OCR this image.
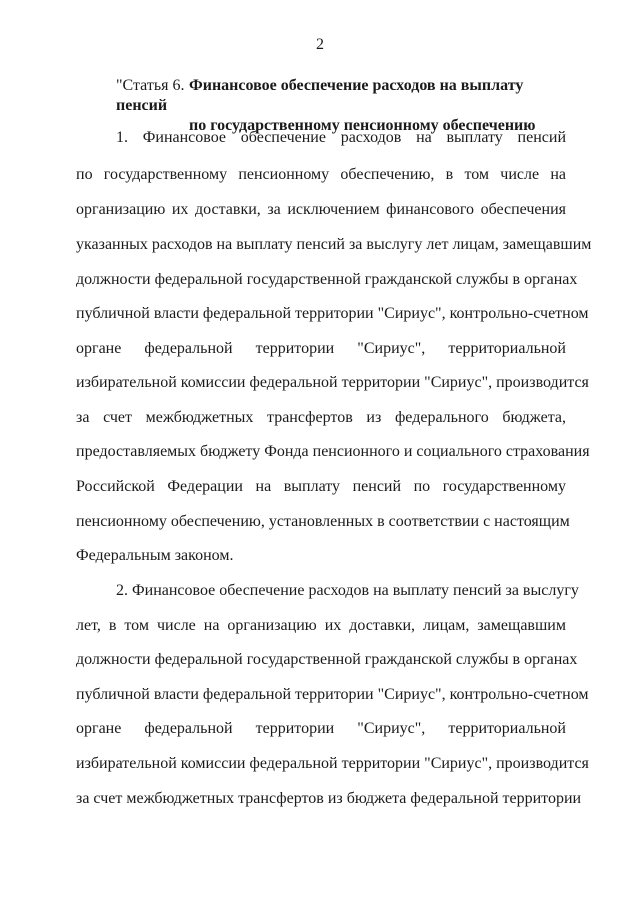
2
"Статья 6. Финансовое обеспечение расходов на выплату пенсий
по государственному пенсионному обеспечению
1. Финансовое обеспечение расходов на выплату пенсий
по государственному пенсионному обеспечению, в том числе на
организацию их доставки, за исключением финансового обеспечения
указанных расходов на выплату пенсий за выслугу лет лицам, замещавшим
должности федеральной государственной гражданской службы в органах
публичной власти федеральной территории "Сириус", контрольно-счетном
органе федеральной территории "Сириус", территориальной
избирательной комиссии федеральной территории "Сириус", производится
за счет межбюджетных трансфертов из федерального бюджета,
предоставляемых бюджету Фонда пенсионного и социального страхования
Российской Федерации на выплату пенсий по государственному
пенсионному обеспечению, установленных в соответствии с настоящим
Федеральным законом.
2. Финансовое обеспечение расходов на выплату пенсий за выслугу
лет, в том числе на организацию их доставки, лицам, замещавшим
должности федеральной государственной гражданской службы в органах
публичной власти федеральной территории "Сириус", контрольно-счетном
органе федеральной территории "Сириус", территориальной
избирательной комиссии федеральной территории "Сириус", производится
за счет межбюджетных трансфертов из бюджета федеральной территории
